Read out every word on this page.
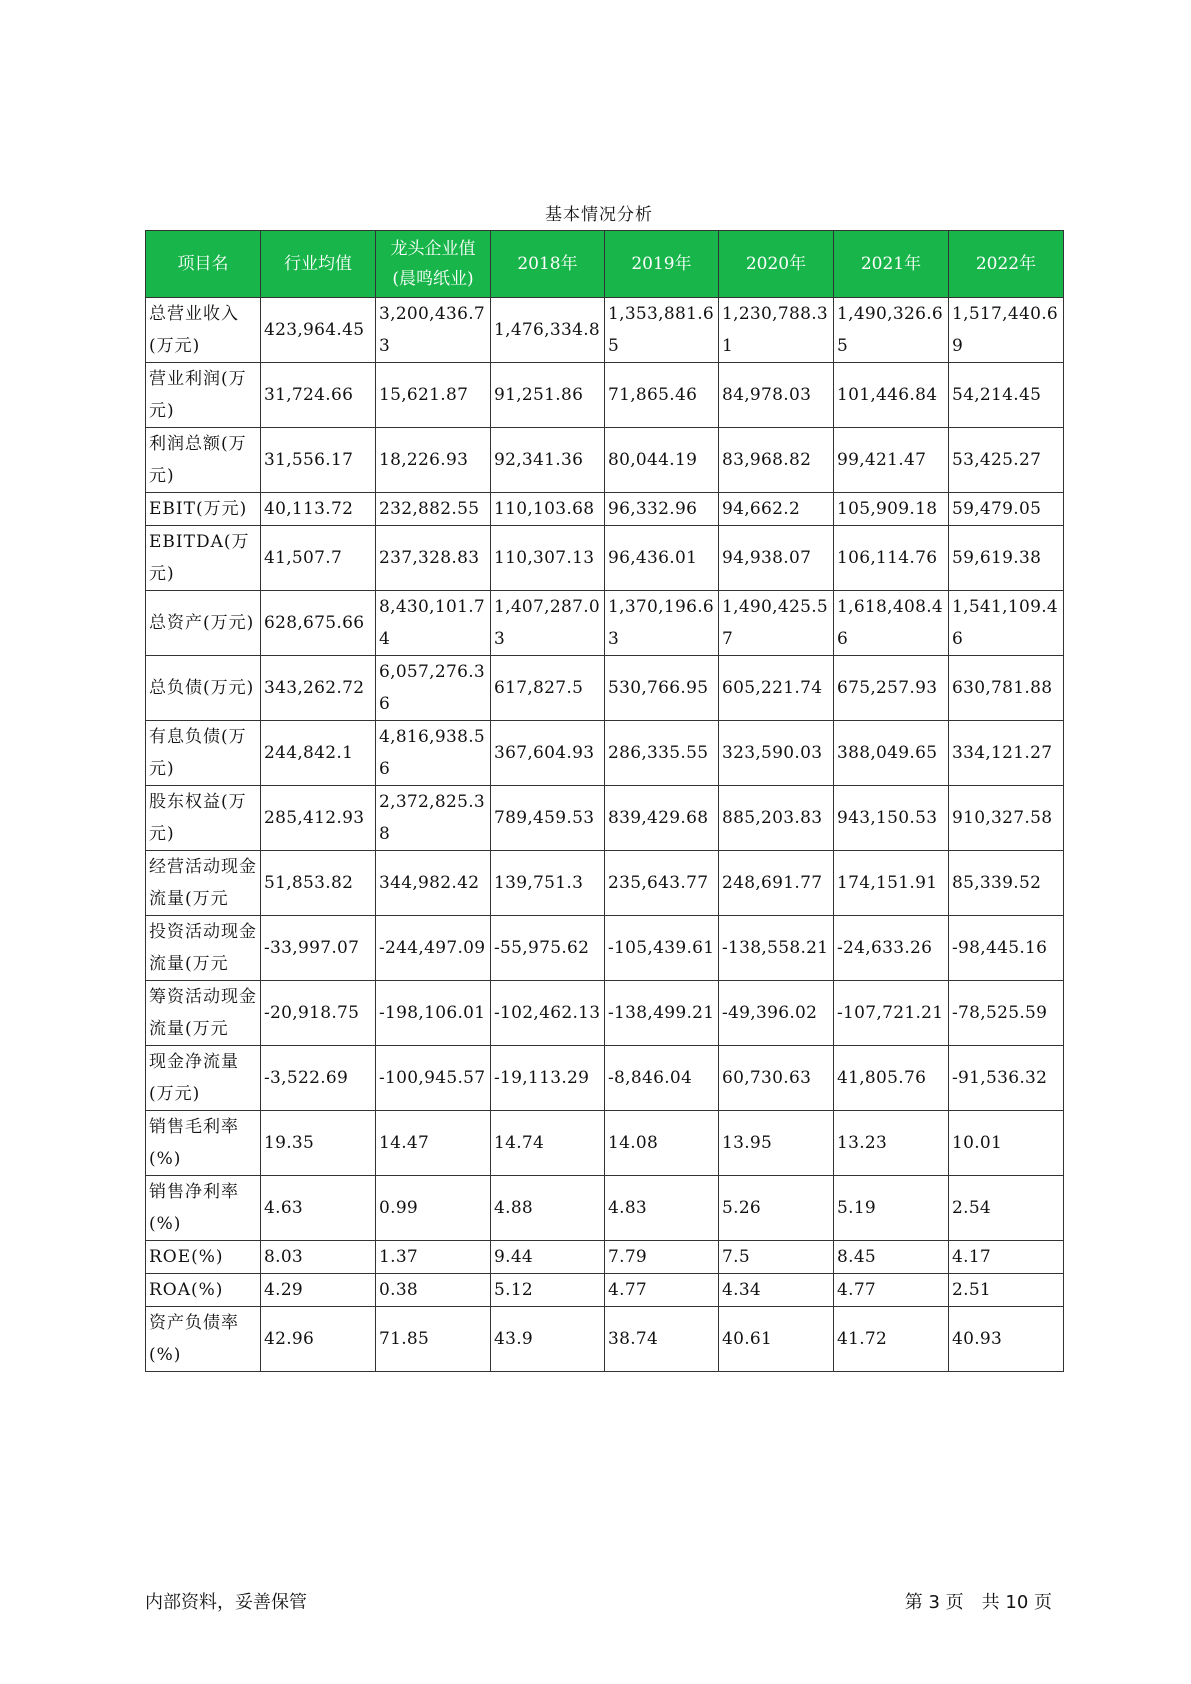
基本情况分析
项目名	行业均值	龙头企业值(晨鸣纸业)	2018年	2019年	2020年	2021年	2022年
总营业收入(万元)	423,964.45	3,200,436.73	1,476,334.8	1,353,881.65	1,230,788.31	1,490,326.65	1,517,440.69
营业利润(万元)	31,724.66	15,621.87	91,251.86	71,865.46	84,978.03	101,446.84	54,214.45
利润总额(万元)	31,556.17	18,226.93	92,341.36	80,044.19	83,968.82	99,421.47	53,425.27
EBIT(万元)	40,113.72	232,882.55	110,103.68	96,332.96	94,662.2	105,909.18	59,479.05
EBITDA(万元)	41,507.7	237,328.83	110,307.13	96,436.01	94,938.07	106,114.76	59,619.38
总资产(万元)	628,675.66	8,430,101.74	1,407,287.03	1,370,196.63	1,490,425.57	1,618,408.46	1,541,109.46
总负债(万元)	343,262.72	6,057,276.36	617,827.5	530,766.95	605,221.74	675,257.93	630,781.88
有息负债(万元)	244,842.1	4,816,938.56	367,604.93	286,335.55	323,590.03	388,049.65	334,121.27
股东权益(万元)	285,412.93	2,372,825.38	789,459.53	839,429.68	885,203.83	943,150.53	910,327.58
经营活动现金流量(万元	51,853.82	344,982.42	139,751.3	235,643.77	248,691.77	174,151.91	85,339.52
投资活动现金流量(万元	-33,997.07	-244,497.09	-55,975.62	-105,439.61	-138,558.21	-24,633.26	-98,445.16
筹资活动现金流量(万元	-20,918.75	-198,106.01	-102,462.13	-138,499.21	-49,396.02	-107,721.21	-78,525.59
现金净流量(万元)	-3,522.69	-100,945.57	-19,113.29	-8,846.04	60,730.63	41,805.76	-91,536.32
销售毛利率(%)	19.35	14.47	14.74	14.08	13.95	13.23	10.01
销售净利率(%)	4.63	0.99	4.88	4.83	5.26	5.19	2.54
ROE(%)	8.03	1.37	9.44	7.79	7.5	8.45	4.17
ROA(%)	4.29	0.38	5.12	4.77	4.34	4.77	2.51
资产负债率(%)	42.96	71.85	43.9	38.74	40.61	41.72	40.93
内部资料，妥善保管	第 3 页　共 10 页
